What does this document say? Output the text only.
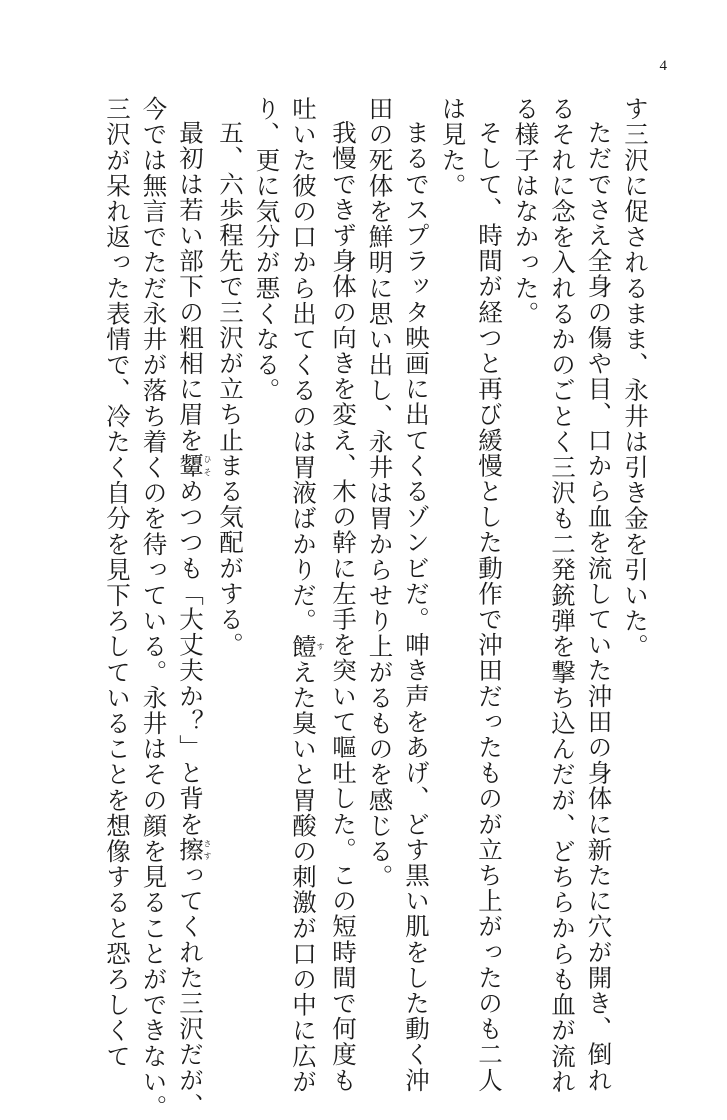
4
す三沢に促されるまま、永井は引き金を引いた。
ただでさえ全身の傷や目、口から血を流していた沖田の身体に新たに穴が開き、倒れ
るそれに念を入れるかのごとく三沢も二発銃弾を撃ち込んだが、どちらからも血が流れ
る様子はなかった。
そして、時間が経つと再び緩慢とした動作で沖田だったものが立ち上がったのも二人
は見た。
まるでスプラッタ映画に出てくるゾンビだ。呻き声をあげ、どす黒い肌をした動く沖
田の死体を鮮明に思い出し、永井は胃からせり上がるものを感じる。
我慢できず身体の向きを変え、木の幹に左手を突いて嘔吐した。この短時間で何度も
吐いた彼の口から出てくるのは胃液ばかりだ。饐すえた臭いと胃酸の刺激が口の中に広が
り、更に気分が悪くなる。
五、六歩程先で三沢が立ち止まる気配がする。
最初は若い部下の粗相に眉を顰ひそめつつも「大丈夫か？」と背を擦さすってくれた三沢だが、
今では無言でただ永井が落ち着くのを待っている。永井はその顔を見ることができない。
三沢が呆れ返った表情で、冷たく自分を見下ろしていることを想像すると恐ろしくて
